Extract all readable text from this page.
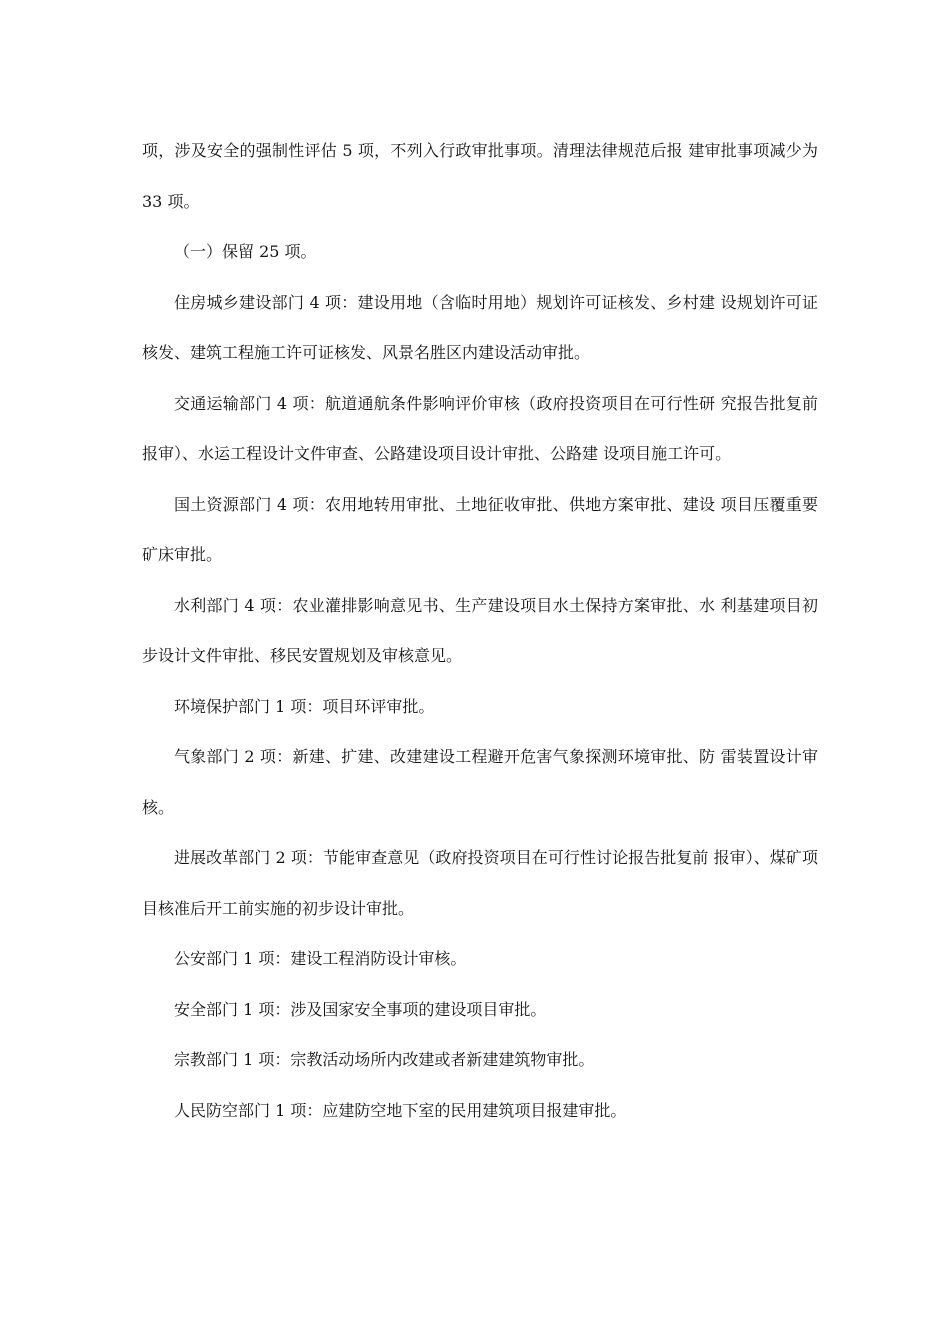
项，涉及安全的强制性评估 5 项，不列入行政审批事项。清理法律规范后报 建审批事项减少为 33 项。

（一）保留 25 项。

住房城乡建设部门 4 项：建设用地（含临时用地）规划许可证核发、乡村建 设规划许可证核发、建筑工程施工许可证核发、风景名胜区内建设活动审批。

交通运输部门 4 项：航道通航条件影响评价审核（政府投资项目在可行性研 究报告批复前报审）、水运工程设计文件审查、公路建设项目设计审批、公路建 设项目施工许可。

国土资源部门 4 项：农用地转用审批、土地征收审批、供地方案审批、建设 项目压覆重要矿床审批。

水利部门 4 项：农业灌排影响意见书、生产建设项目水土保持方案审批、水 利基建项目初步设计文件审批、移民安置规划及审核意见。

环境保护部门 1 项：项目环评审批。

气象部门 2 项：新建、扩建、改建建设工程避开危害气象探测环境审批、防 雷装置设计审核。

进展改革部门 2 项：节能审查意见（政府投资项目在可行性讨论报告批复前 报审）、煤矿项目核准后开工前实施的初步设计审批。

公安部门 1 项：建设工程消防设计审核。

安全部门 1 项：涉及国家安全事项的建设项目审批。

宗教部门 1 项：宗教活动场所内改建或者新建建筑物审批。

人民防空部门 1 项：应建防空地下室的民用建筑项目报建审批。
